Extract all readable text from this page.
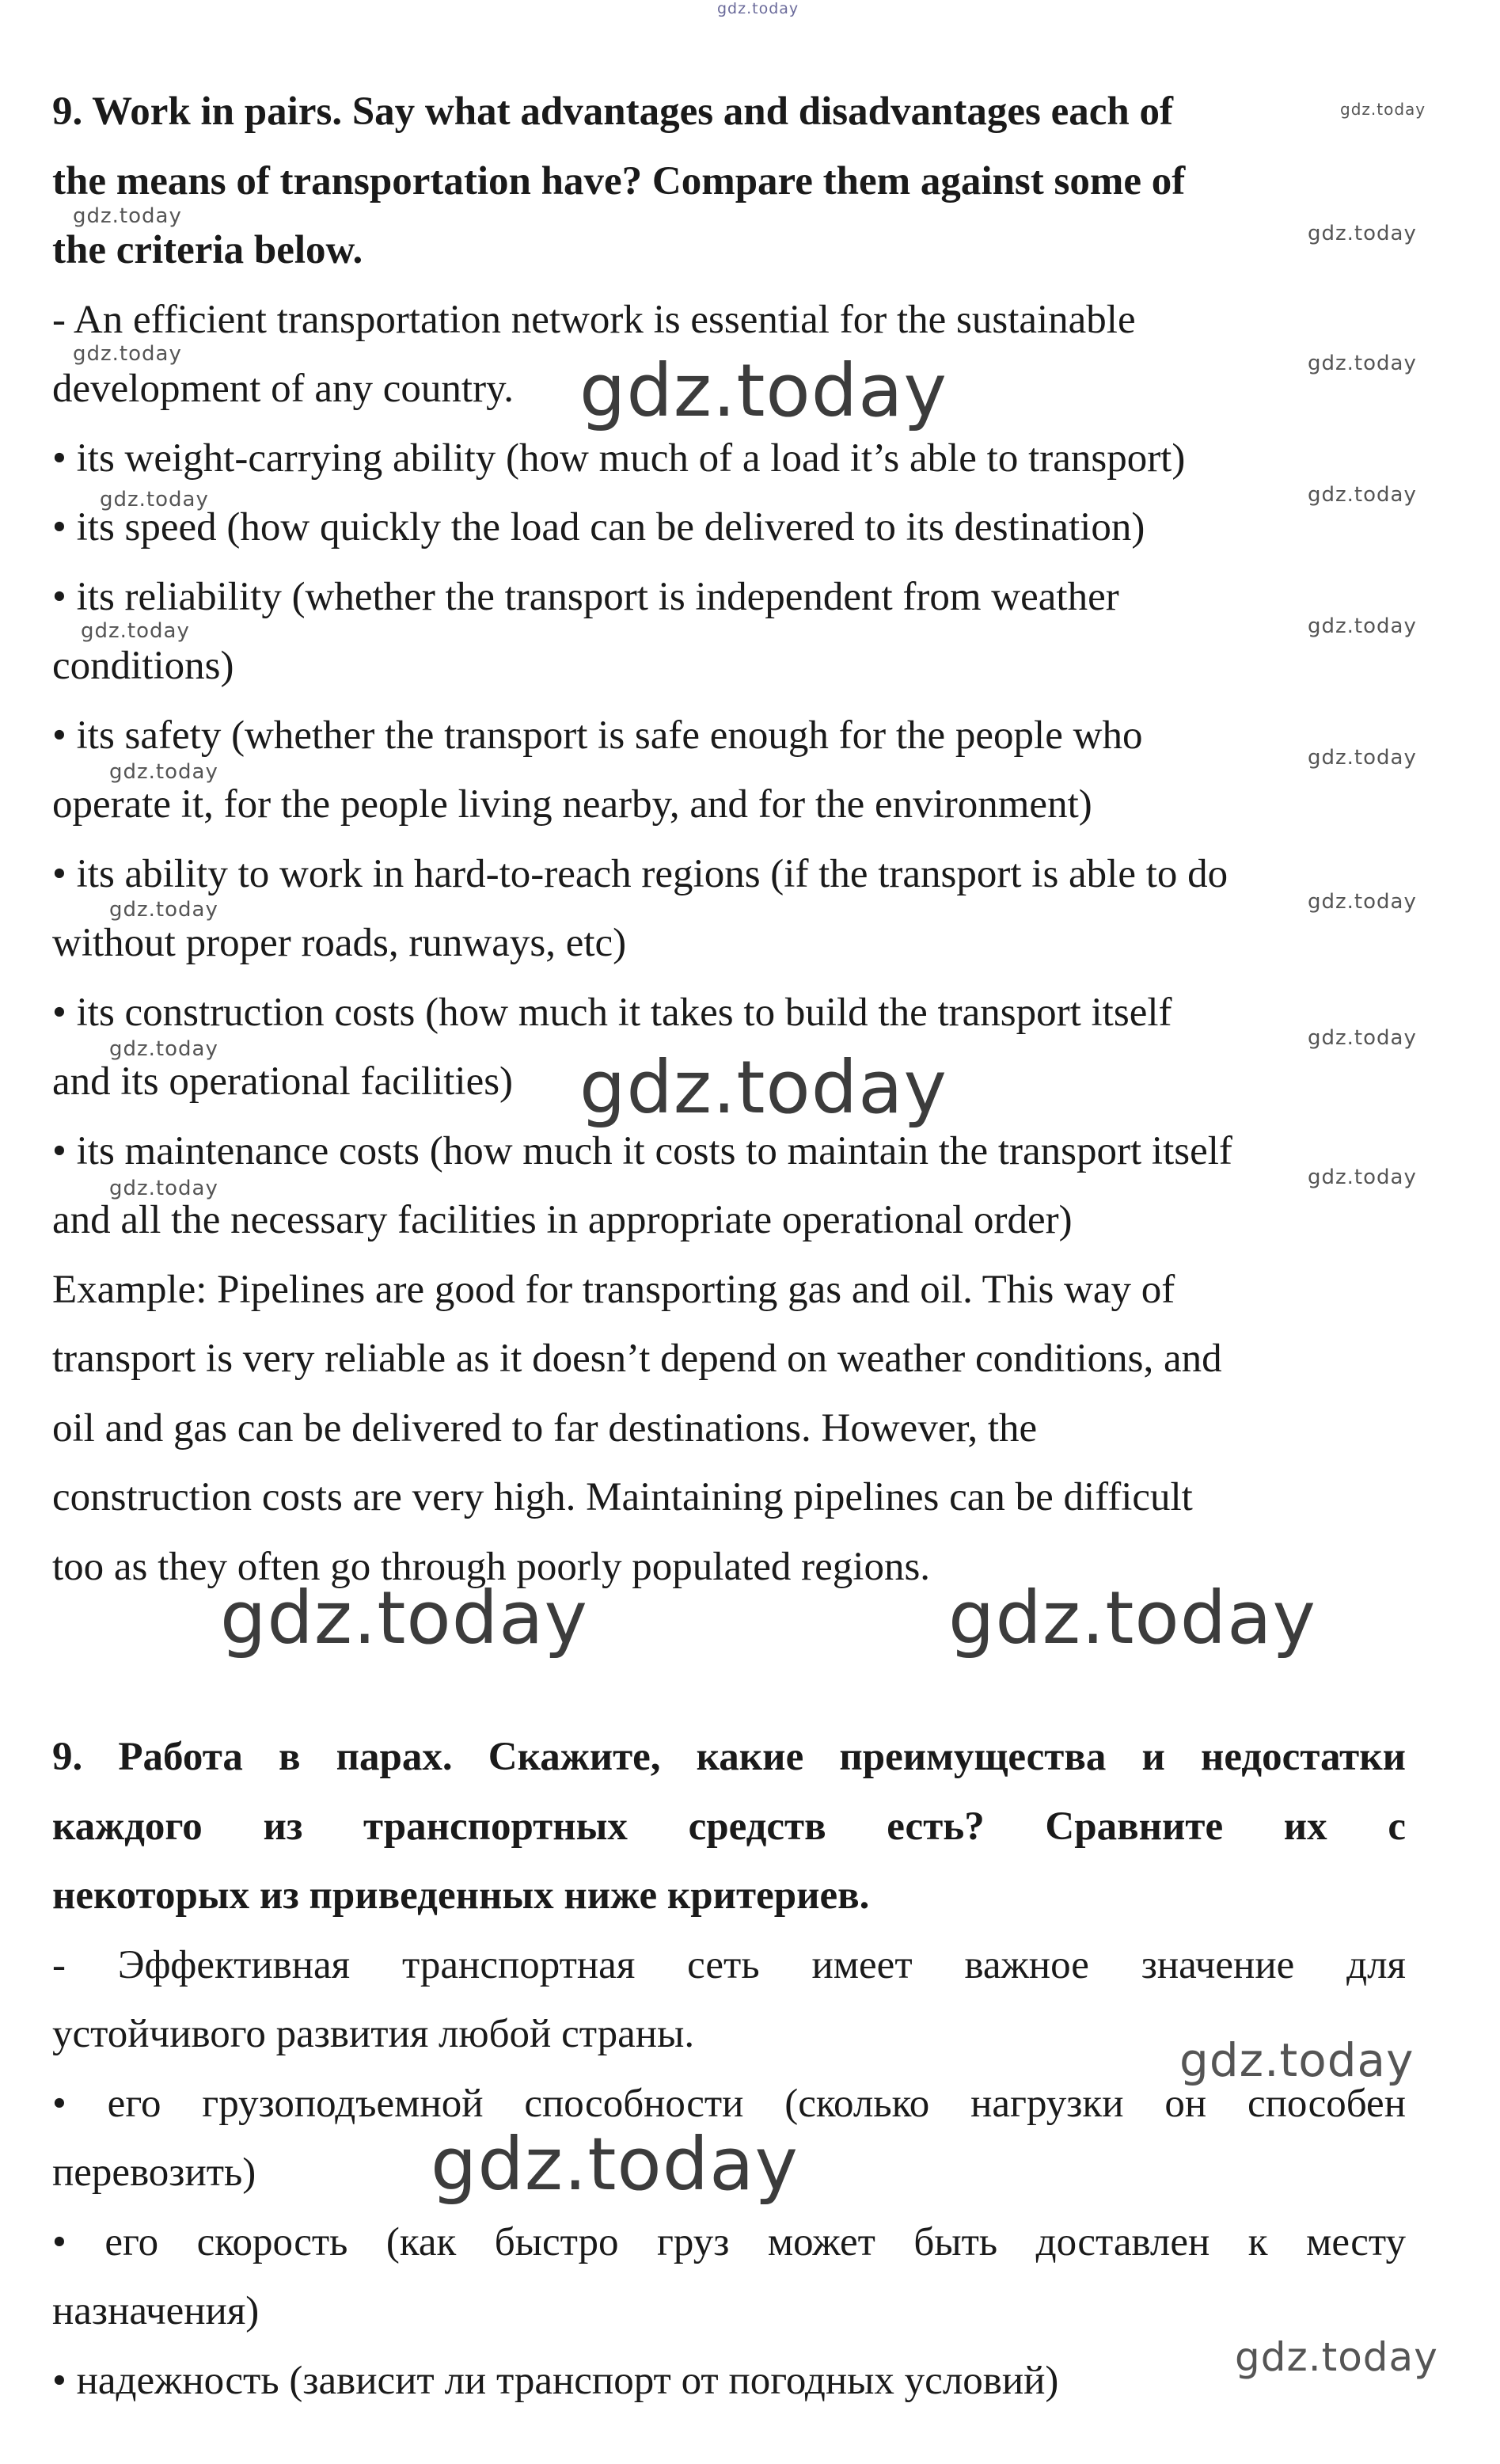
9. Work in pairs. Say what advantages and disadvantages each of
the means of transportation have? Compare them against some of
the criteria below.
- An efficient transportation network is essential for the sustainable
development of any country.
• its weight-carrying ability (how much of a load it’s able to transport)
• its speed (how quickly the load can be delivered to its destination)
• its reliability (whether the transport is independent from weather
conditions)
• its safety (whether the transport is safe enough for the people who
operate it, for the people living nearby, and for the environment)
• its ability to work in hard-to-reach regions (if the transport is able to do
without proper roads, runways, etc)
• its construction costs (how much it takes to build the transport itself
and its operational facilities)
• its maintenance costs (how much it costs to maintain the transport itself
and all the necessary facilities in appropriate operational order)
Example: Pipelines are good for transporting gas and oil. This way of
transport is very reliable as it doesn’t depend on weather conditions, and
oil and gas can be delivered to far destinations. However, the
construction costs are very high. Maintaining pipelines can be difficult
too as they often go through poorly populated regions.
9. Работа в парах. Скажите, какие преимущества и недостатки
каждого из транспортных средств есть? Сравните их с
некоторых из приведенных ниже критериев.
- Эффективная транспортная сеть имеет важное значение для
устойчивого развития любой страны.
• его грузоподъемной способности (сколько нагрузки он способен
перевозить)
• его скорость (как быстро груз может быть доставлен к месту
назначения)
• надежность (зависит ли транспорт от погодных условий)
gdz.today
gdz.today
gdz.today
gdz.today
gdz.today	gdz.today
gdz.today	gdz.today
gdz.today	gdz.today
gdz.today
gdz.today
gdz.today	gdz.today
gdz.today	gdz.today
gdz.today	gdz.today
gdz.today
gdz.today
gdz.today	gdz.today
gdz.today
gdz.today
gdz.today
